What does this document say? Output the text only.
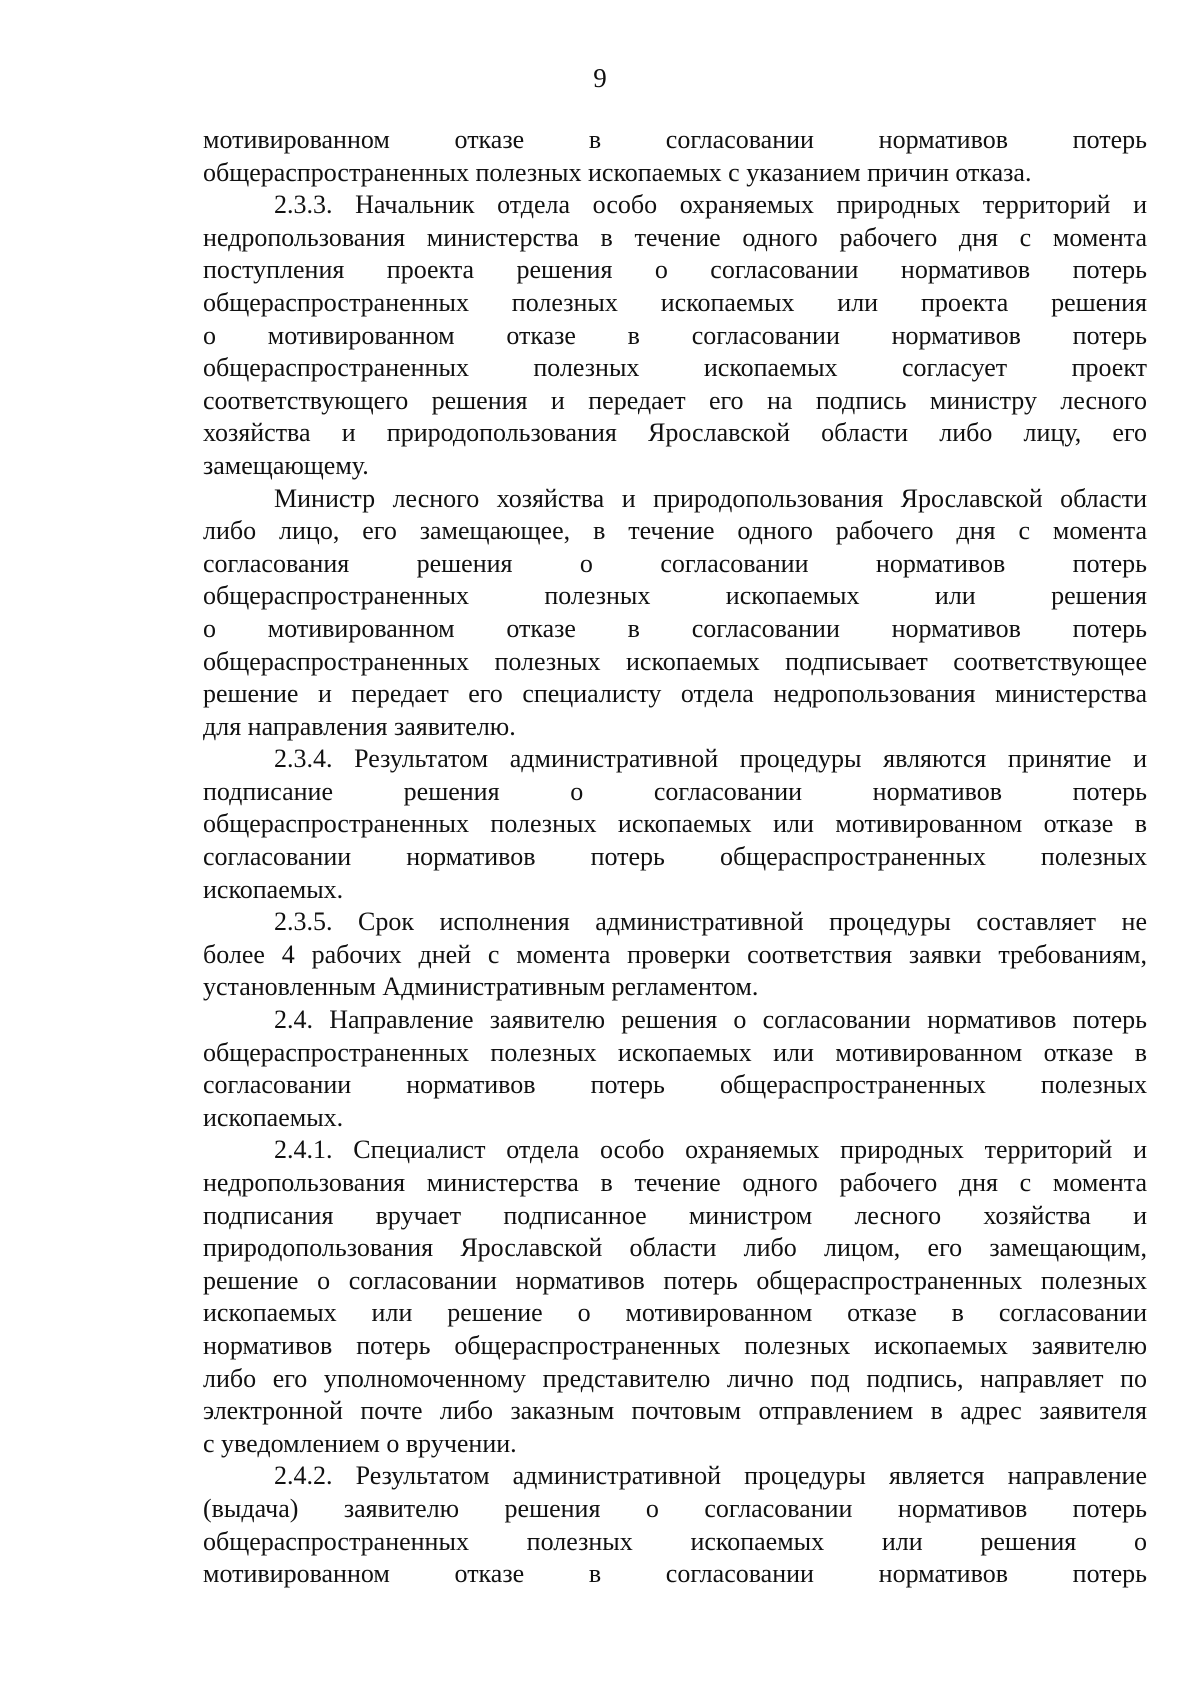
9
мотивированном отказе в согласовании нормативов потерь
общераспространенных полезных ископаемых с указанием причин отказа.
2.3.3. Начальник отдела особо охраняемых природных территорий и
недропользования министерства в течение одного рабочего дня с момента
поступления проекта решения о согласовании нормативов потерь
общераспространенных полезных ископаемых или проекта решения
о мотивированном отказе в согласовании нормативов потерь
общераспространенных полезных ископаемых согласует проект
соответствующего решения и передает его на подпись министру лесного
хозяйства и природопользования Ярославской области либо лицу, его
замещающему.
Министр лесного хозяйства и природопользования Ярославской области
либо лицо, его замещающее, в течение одного рабочего дня с момента
согласования решения о согласовании нормативов потерь
общераспространенных полезных ископаемых или решения
о мотивированном отказе в согласовании нормативов потерь
общераспространенных полезных ископаемых подписывает соответствующее
решение и передает его специалисту отдела недропользования министерства
для направления заявителю.
2.3.4. Результатом административной процедуры являются принятие и
подписание решения о согласовании нормативов потерь
общераспространенных полезных ископаемых или мотивированном отказе в
согласовании нормативов потерь общераспространенных полезных
ископаемых.
2.3.5. Срок исполнения административной процедуры составляет не
более 4 рабочих дней с момента проверки соответствия заявки требованиям,
установленным Административным регламентом.
2.4. Направление заявителю решения о согласовании нормативов потерь
общераспространенных полезных ископаемых или мотивированном отказе в
согласовании нормативов потерь общераспространенных полезных
ископаемых.
2.4.1. Специалист отдела особо охраняемых природных территорий и
недропользования министерства в течение одного рабочего дня с момента
подписания вручает подписанное министром лесного хозяйства и
природопользования Ярославской области либо лицом, его замещающим,
решение о согласовании нормативов потерь общераспространенных полезных
ископаемых или решение о мотивированном отказе в согласовании
нормативов потерь общераспространенных полезных ископаемых заявителю
либо его уполномоченному представителю лично под подпись, направляет по
электронной почте либо заказным почтовым отправлением в адрес заявителя
с уведомлением о вручении.
2.4.2. Результатом административной процедуры является направление
(выдача) заявителю решения о согласовании нормативов потерь
общераспространенных полезных ископаемых или решения о
мотивированном отказе в согласовании нормативов потерь
